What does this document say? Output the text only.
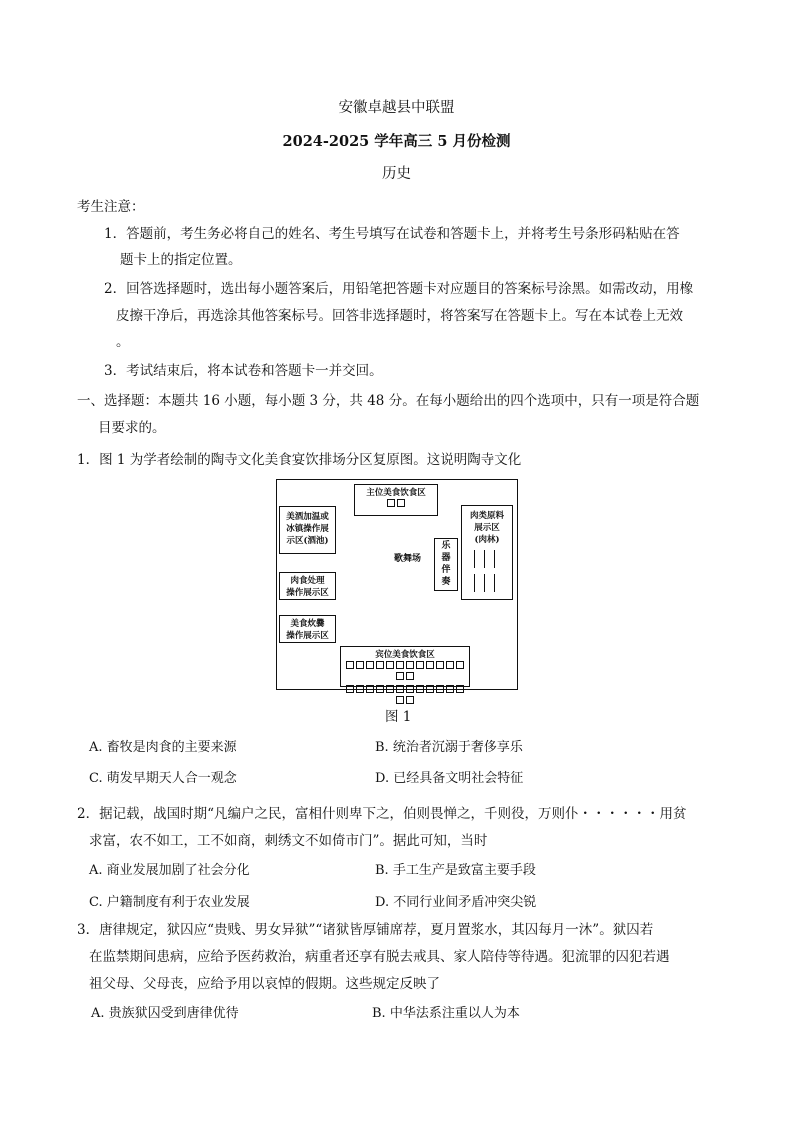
安徽卓越县中联盟
2024-2025 学年高三 5 月份检测
历史
考生注意：
1．答题前，考生务必将自己的姓名、考生号填写在试卷和答题卡上，并将考生号条形码粘贴在答
题卡上的指定位置。
2．回答选择题时，选出每小题答案后，用铅笔把答题卡对应题目的答案标号涂黑。如需改动，用橡
皮擦干净后，再选涂其他答案标号。回答非选择题时，将答案写在答题卡上。写在本试卷上无效
。
3．考试结束后，将本试卷和答题卡一并交回。
一、选择题：本题共 16 小题，每小题 3 分，共 48 分。在每小题给出的四个选项中，只有一项是符合题
目要求的。
1．图 1 为学者绘制的陶寺文化美食宴饮排场分区复原图。这说明陶寺文化
主位美食饮食区
美酒加温或
冰镇操作展
示区(酒池)
肉食处理
操作展示区
美食炊爨
操作展示区
歌舞场
乐
器
伴
奏
肉类原料
展示区
(肉林)
宾位美食饮食区
图 1
A. 畜牧是肉食的主要来源	B. 统治者沉溺于奢侈享乐
C. 萌发早期天人合一观念	D. 已经具备文明社会特征
2．据记载，战国时期“凡编户之民，富相什则卑下之，伯则畏惮之，千则役，万则仆・・・・・・用贫
求富，农不如工，工不如商，刺绣文不如倚市门”。据此可知，当时
A. 商业发展加剧了社会分化	B. 手工生产是致富主要手段
C. 户籍制度有利于农业发展	D. 不同行业间矛盾冲突尖锐
3．唐律规定，狱囚应“贵贱、男女异狱”“诸狱皆厚铺席荐，夏月置浆水，其囚每月一沐”。狱囚若
在监禁期间患病，应给予医药救治，病重者还享有脱去戒具、家人陪侍等待遇。犯流罪的囚犯若遇
祖父母、父母丧，应给予用以哀悼的假期。这些规定反映了
A. 贵族狱囚受到唐律优待	B. 中华法系注重以人为本
